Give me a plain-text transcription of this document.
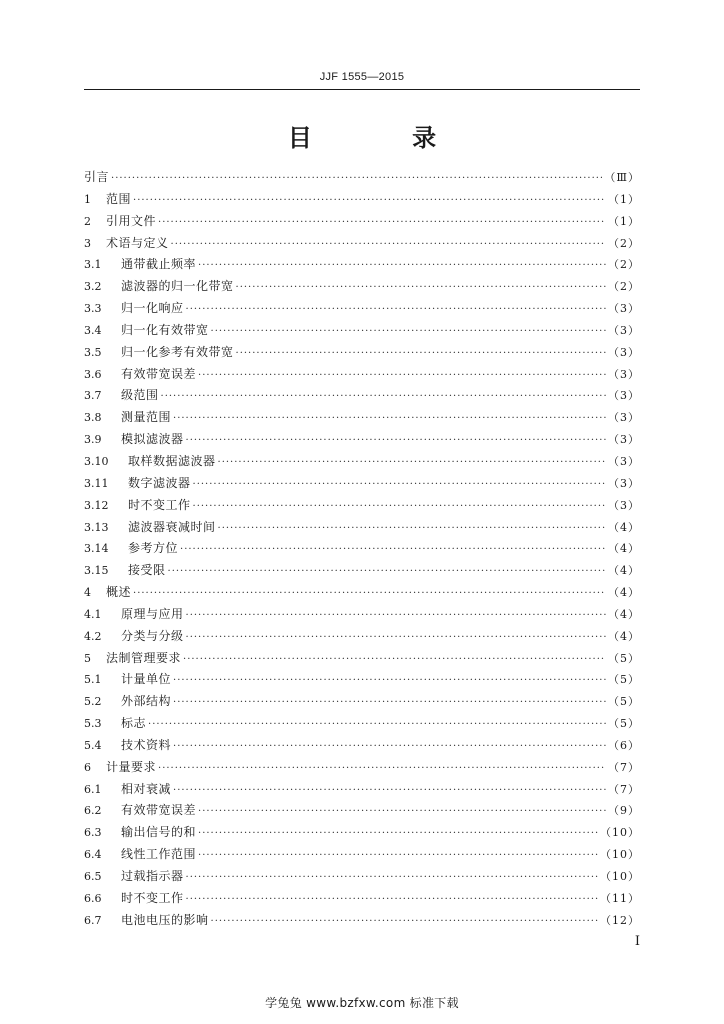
JJF 1555—2015
目 录
引言 ·····	（Ⅲ）
1	范围 ·····	（1）
2	引用文件 ·····	（1）
3	术语与定义 ·····	（2）
3.1	通带截止频率 ·····	（2）
3.2	滤波器的归一化带宽 ·····	（2）
3.3	归一化响应 ·····	（3）
3.4	归一化有效带宽 ·····	（3）
3.5	归一化参考有效带宽 ·····	（3）
3.6	有效带宽误差 ·····	（3）
3.7	级范围 ·····	（3）
3.8	测量范围 ·····	（3）
3.9	模拟滤波器 ·····	（3）
3.10	取样数据滤波器 ·····	（3）
3.11	数字滤波器 ·····	（3）
3.12	时不变工作 ·····	（3）
3.13	滤波器衰减时间 ·····	（4）
3.14	参考方位 ·····	（4）
3.15	接受限 ·····	（4）
4	概述 ·····	（4）
4.1	原理与应用 ·····	（4）
4.2	分类与分级 ·····	（4）
5	法制管理要求 ·····	（5）
5.1	计量单位 ·····	（5）
5.2	外部结构 ·····	（5）
5.3	标志 ·····	（5）
5.4	技术资料 ·····	（6）
6	计量要求 ·····	（7）
6.1	相对衰减 ·····	（7）
6.2	有效带宽误差 ·····	（9）
6.3	输出信号的和 ·····	（10）
6.4	线性工作范围 ·····	（10）
6.5	过载指示器 ·····	（10）
6.6	时不变工作 ·····	（11）
6.7	电池电压的影响 ·····	（12）
I
学兔兔 www.bzfxw.com 标准下载
